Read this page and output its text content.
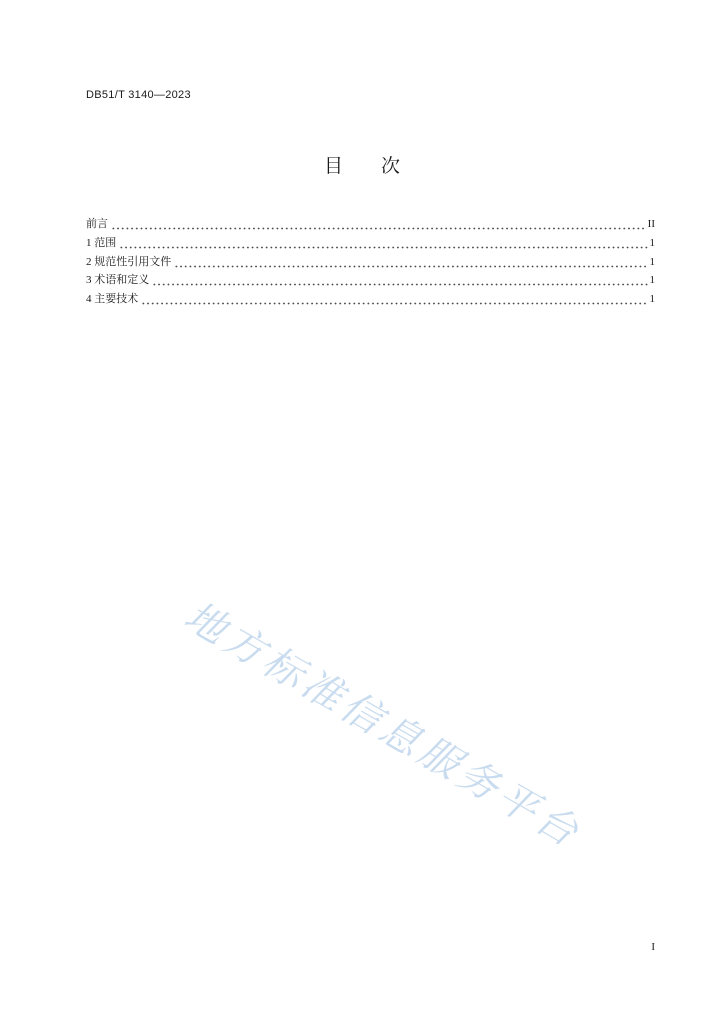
DB51/T 3140—2023
目　　次
前言	II
1 范围	1
2 规范性引用文件	1
3 术语和定义	1
4 主要技术	1
地方标准信息服务平台
I
